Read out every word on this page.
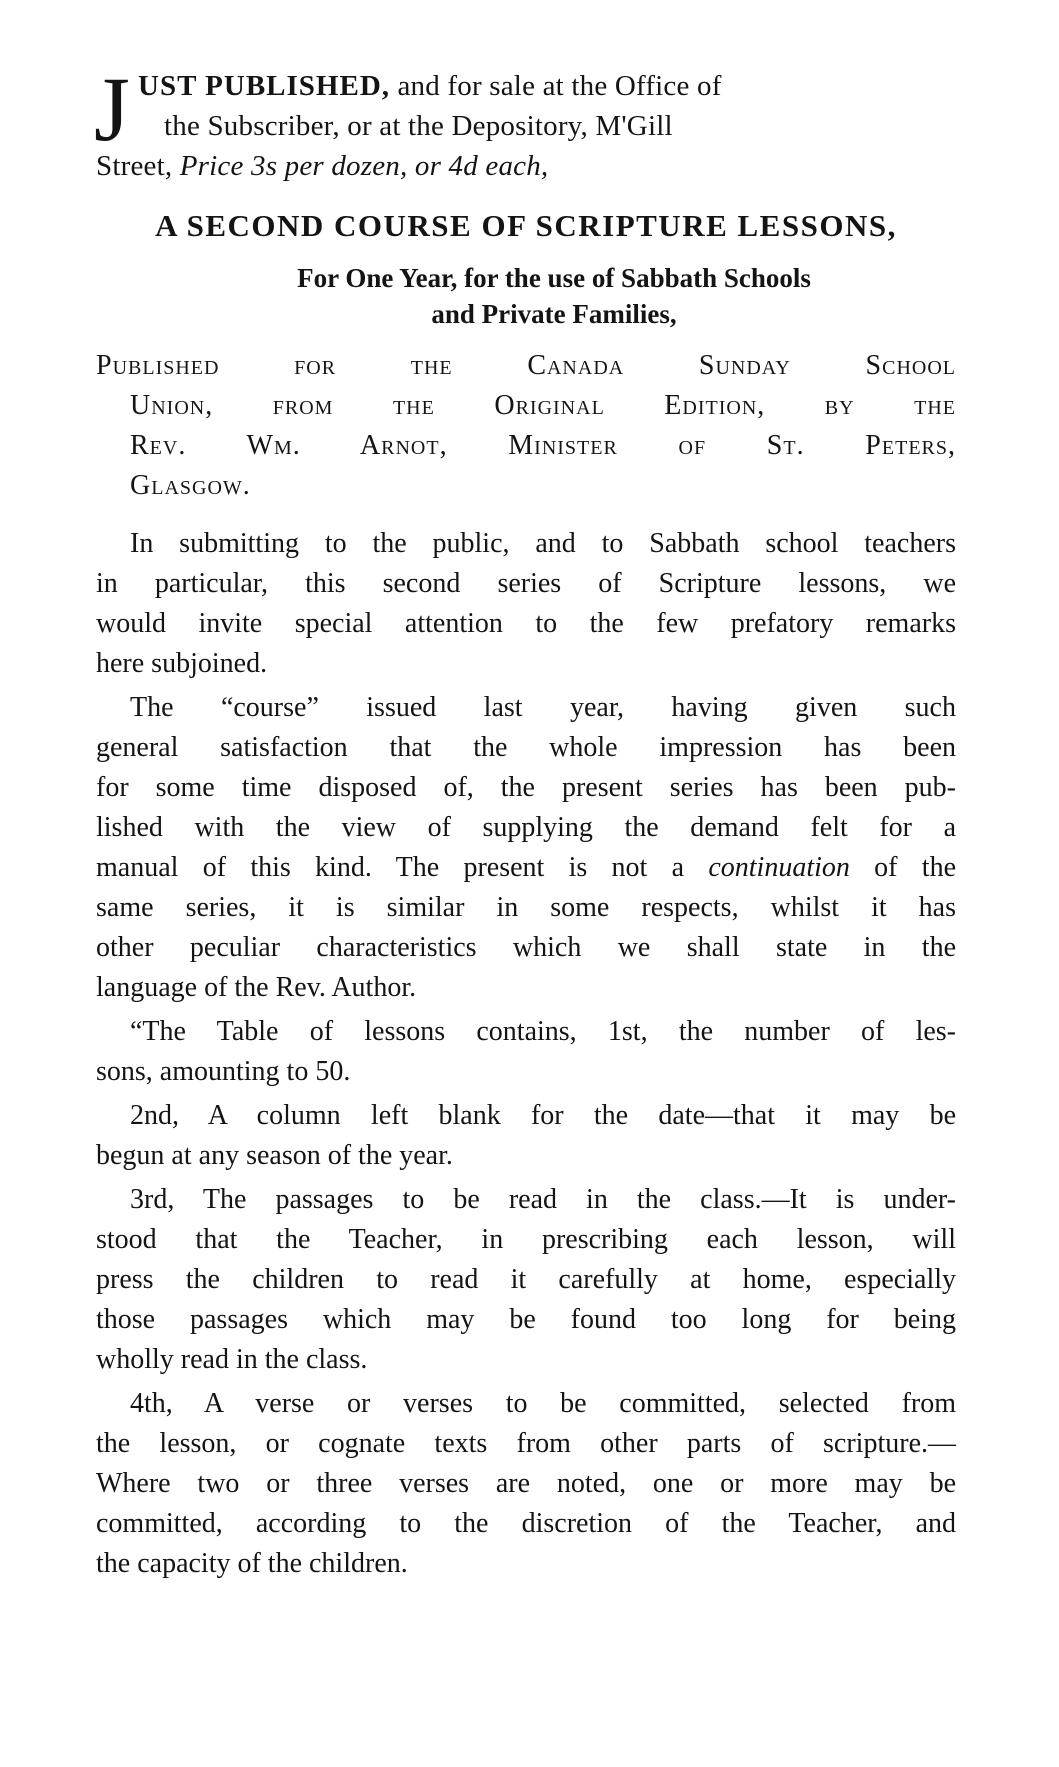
J UST PUBLISHED, and for sale at the Office of
the Subscriber, or at the Depository, M'Gill
Street, Price 3s per dozen, or 4d each,
A SECOND COURSE OF SCRIPTURE LESSONS,
For One Year, for the use of Sabbath Schools
and Private Families,
Published for the Canada Sunday School
Union, from the Original Edition, by the
Rev. Wm. Arnot, Minister of St. Peters,
Glasgow.

In submitting to the public, and to Sabbath school teachers
in particular, this second series of Scripture lessons, we
would invite special attention to the few prefatory remarks
here subjoined.

The “course” issued last year, having given such
general satisfaction that the whole impression has been
for some time disposed of, the present series has been pub-
lished with the view of supplying the demand felt for a
manual of this kind. The present is not a continuation of the
same series, it is similar in some respects, whilst it has
other peculiar characteristics which we shall state in the
language of the Rev. Author.

“The Table of lessons contains, 1st, the number of les-
sons, amounting to 50.

2nd, A column left blank for the date—that it may be
begun at any season of the year.

3rd, The passages to be read in the class.—It is under-
stood that the Teacher, in prescribing each lesson, will
press the children to read it carefully at home, especially
those passages which may be found too long for being
wholly read in the class.

4th, A verse or verses to be committed, selected from
the lesson, or cognate texts from other parts of scripture.—
Where two or three verses are noted, one or more may be
committed, according to the discretion of the Teacher, and
the capacity of the children.
